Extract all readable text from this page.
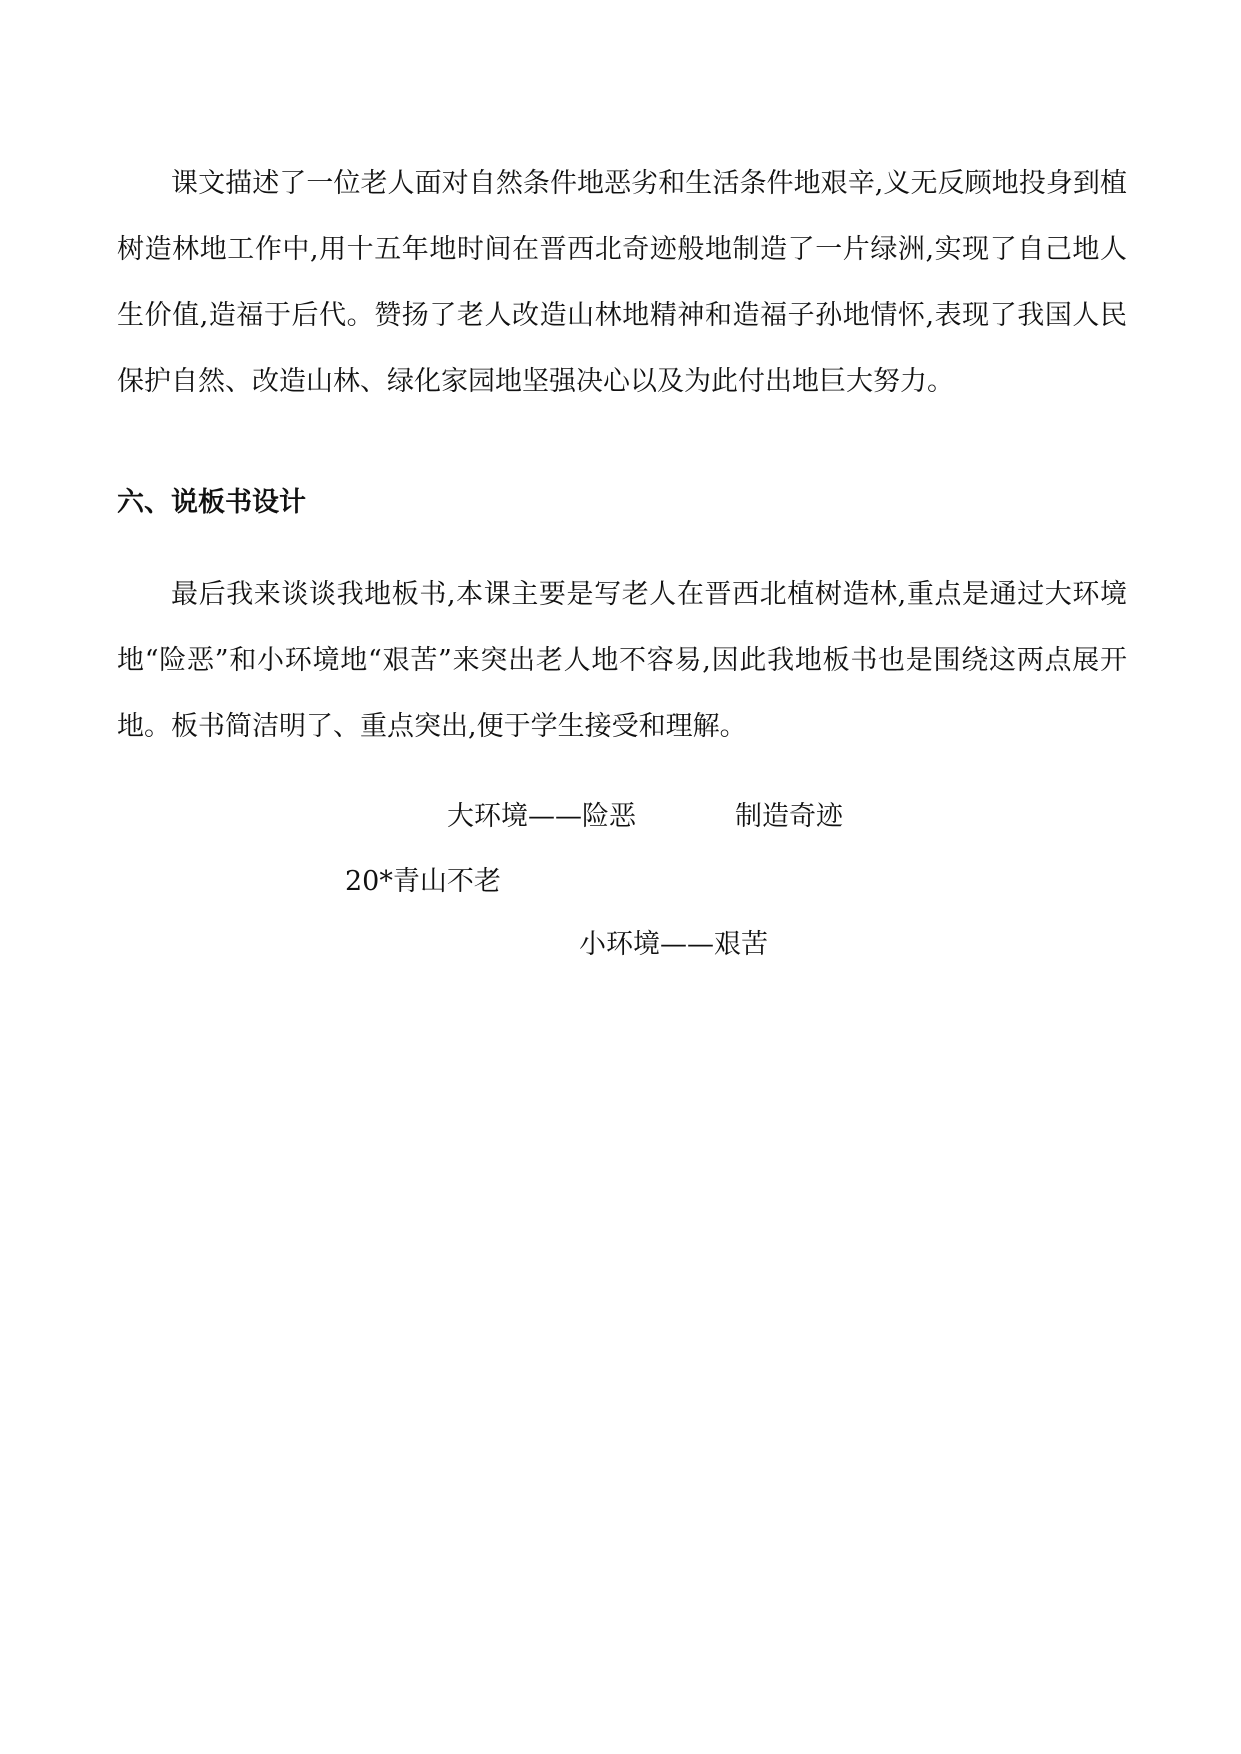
课文描述了一位老人面对自然条件地恶劣和生活条件地艰辛,义无反顾地投身到植树造林地工作中,用十五年地时间在晋西北奇迹般地制造了一片绿洲,实现了自己地人生价值,造福于后代。赞扬了老人改造山林地精神和造福子孙地情怀,表现了我国人民保护自然、改造山林、绿化家园地坚强决心以及为此付出地巨大努力。

六、说板书设计

最后我来谈谈我地板书,本课主要是写老人在晋西北植树造林,重点是通过大环境地“险恶”和小环境地“艰苦”来突出老人地不容易,因此我地板书也是围绕这两点展开地。板书简洁明了、重点突出,便于学生接受和理解。

大环境——险恶	制造奇迹

20*青山不老

小环境——艰苦
